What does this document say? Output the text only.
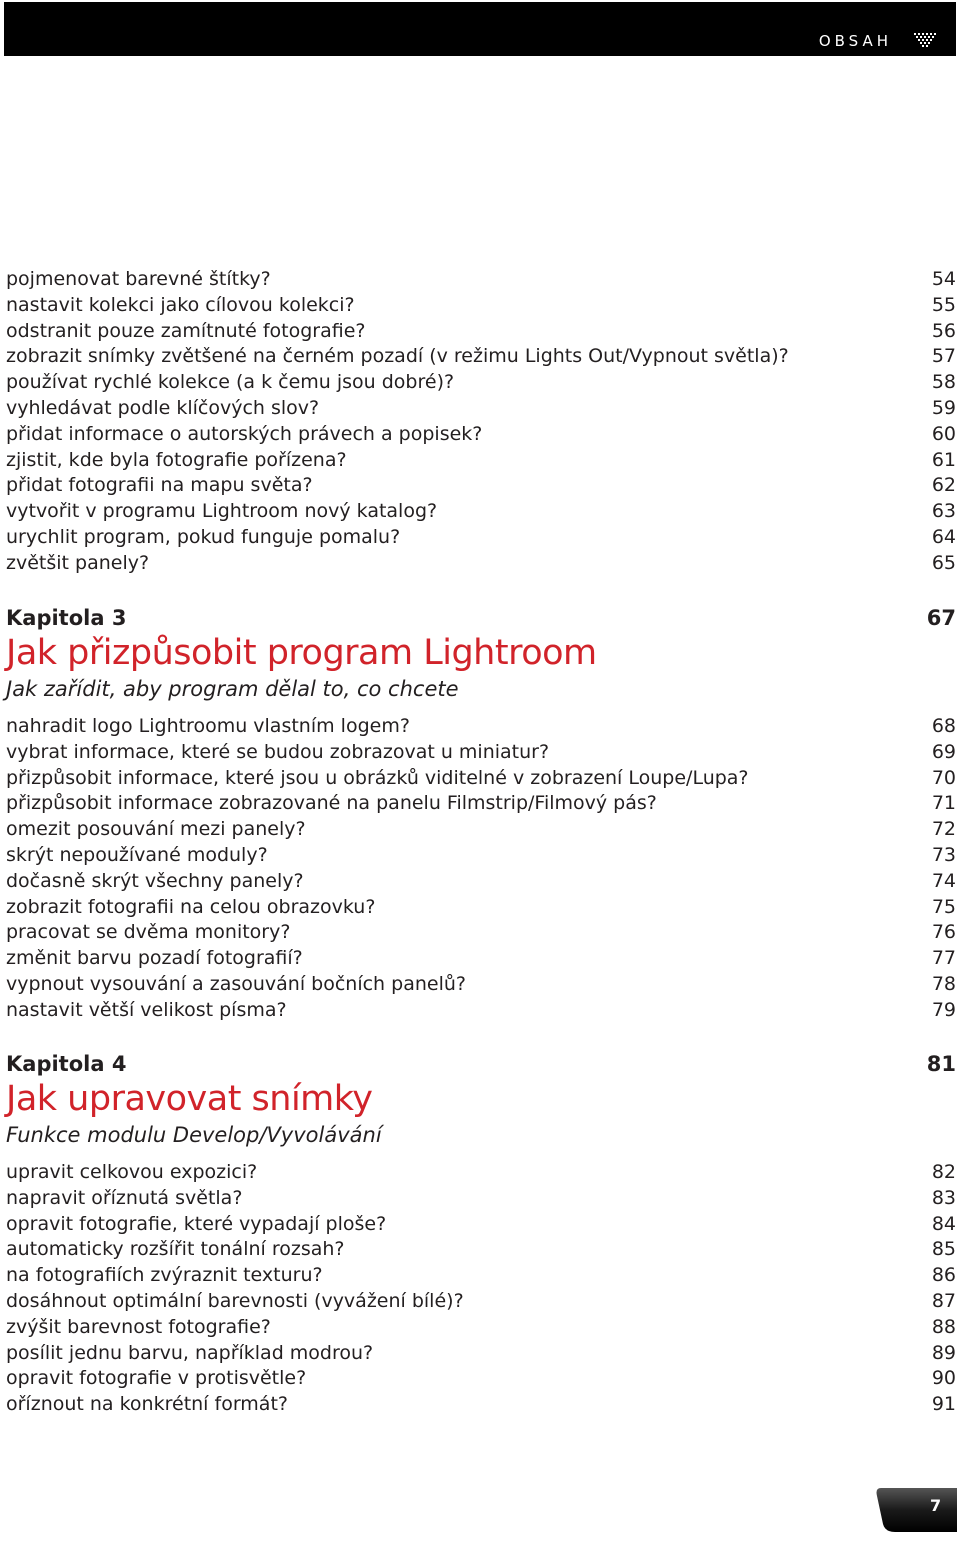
OBSAH
pojmenovat barevné štítky?	54
nastavit kolekci jako cílovou kolekci?	55
odstranit pouze zamítnuté fotografie?	56
zobrazit snímky zvětšené na černém pozadí (v režimu Lights Out/Vypnout světla)?	57
používat rychlé kolekce (a k čemu jsou dobré)?	58
vyhledávat podle klíčových slov?	59
přidat informace o autorských právech a popisek?	60
zjistit, kde byla fotografie pořízena?	61
přidat fotografii na mapu světa?	62
vytvořit v programu Lightroom nový katalog?	63
urychlit program, pokud funguje pomalu?	64
zvětšit panely?	65
Kapitola 3	67
Jak přizpůsobit program Lightroom
Jak zařídit, aby program dělal to, co chcete
nahradit logo Lightroomu vlastním logem?	68
vybrat informace, které se budou zobrazovat u miniatur?	69
přizpůsobit informace, které jsou u obrázků viditelné v zobrazení Loupe/Lupa?	70
přizpůsobit informace zobrazované na panelu Filmstrip/Filmový pás?	71
omezit posouvání mezi panely?	72
skrýt nepoužívané moduly?	73
dočasně skrýt všechny panely?	74
zobrazit fotografii na celou obrazovku?	75
pracovat se dvěma monitory?	76
změnit barvu pozadí fotografií?	77
vypnout vysouvání a zasouvání bočních panelů?	78
nastavit větší velikost písma?	79
Kapitola 4	81
Jak upravovat snímky
Funkce modulu Develop/Vyvolávání
upravit celkovou expozici?	82
napravit oříznutá světla?	83
opravit fotografie, které vypadají ploše?	84
automaticky rozšířit tonální rozsah?	85
na fotografiích zvýraznit texturu?	86
dosáhnout optimální barevnosti (vyvážení bílé)?	87
zvýšit barevnost fotografie?	88
posílit jednu barvu, například modrou?	89
opravit fotografie v protisvětle?	90
oříznout na konkrétní formát?	91
7
